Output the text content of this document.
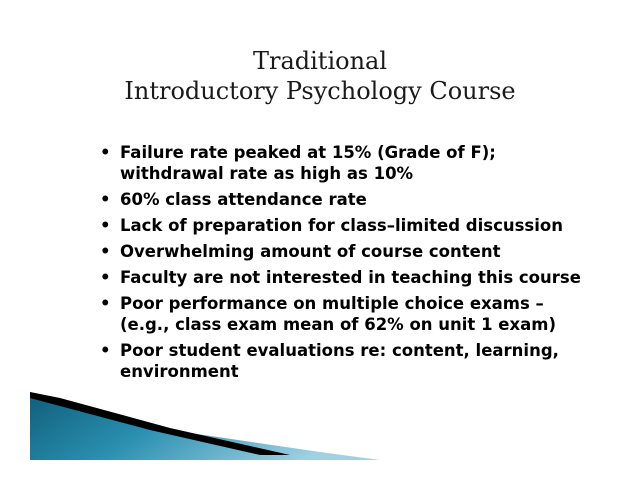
Traditional
Introductory Psychology Course
• Failure rate peaked at 15% (Grade of F);
withdrawal rate as high as 10%
• 60% class attendance rate
• Lack of preparation for class–limited discussion
• Overwhelming amount of course content
• Faculty are not interested in teaching this course
• Poor performance on multiple choice exams –
(e.g., class exam mean of 62% on unit 1 exam)
• Poor student evaluations re: content, learning,
environment
